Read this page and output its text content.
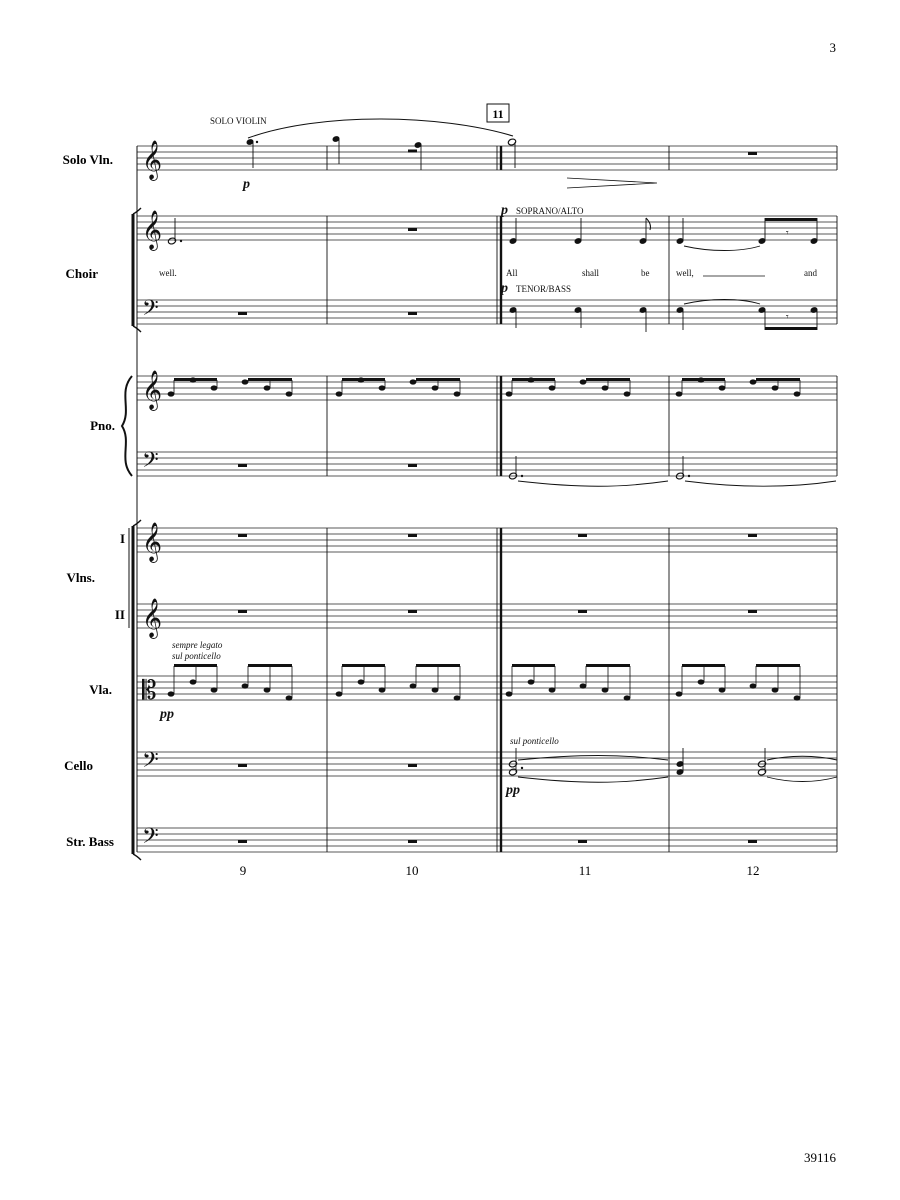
3
𝄞
𝄞
𝄢
𝄞
𝄢
𝄞
𝄞
𝄡
𝄢
𝄢
Solo Vln.
Choir
Pno.
Vlns.
I
II
Vla.
Cello
Str. Bass
11
SOLO VIOLIN
p
𝄾
𝄾
p SOPRANO/ALTO
p TENOR/BASS
well.	All	shall	be	well,	and
sempre legato
sul ponticello
pp
sul ponticello
pp
9	10	11	12
39116
